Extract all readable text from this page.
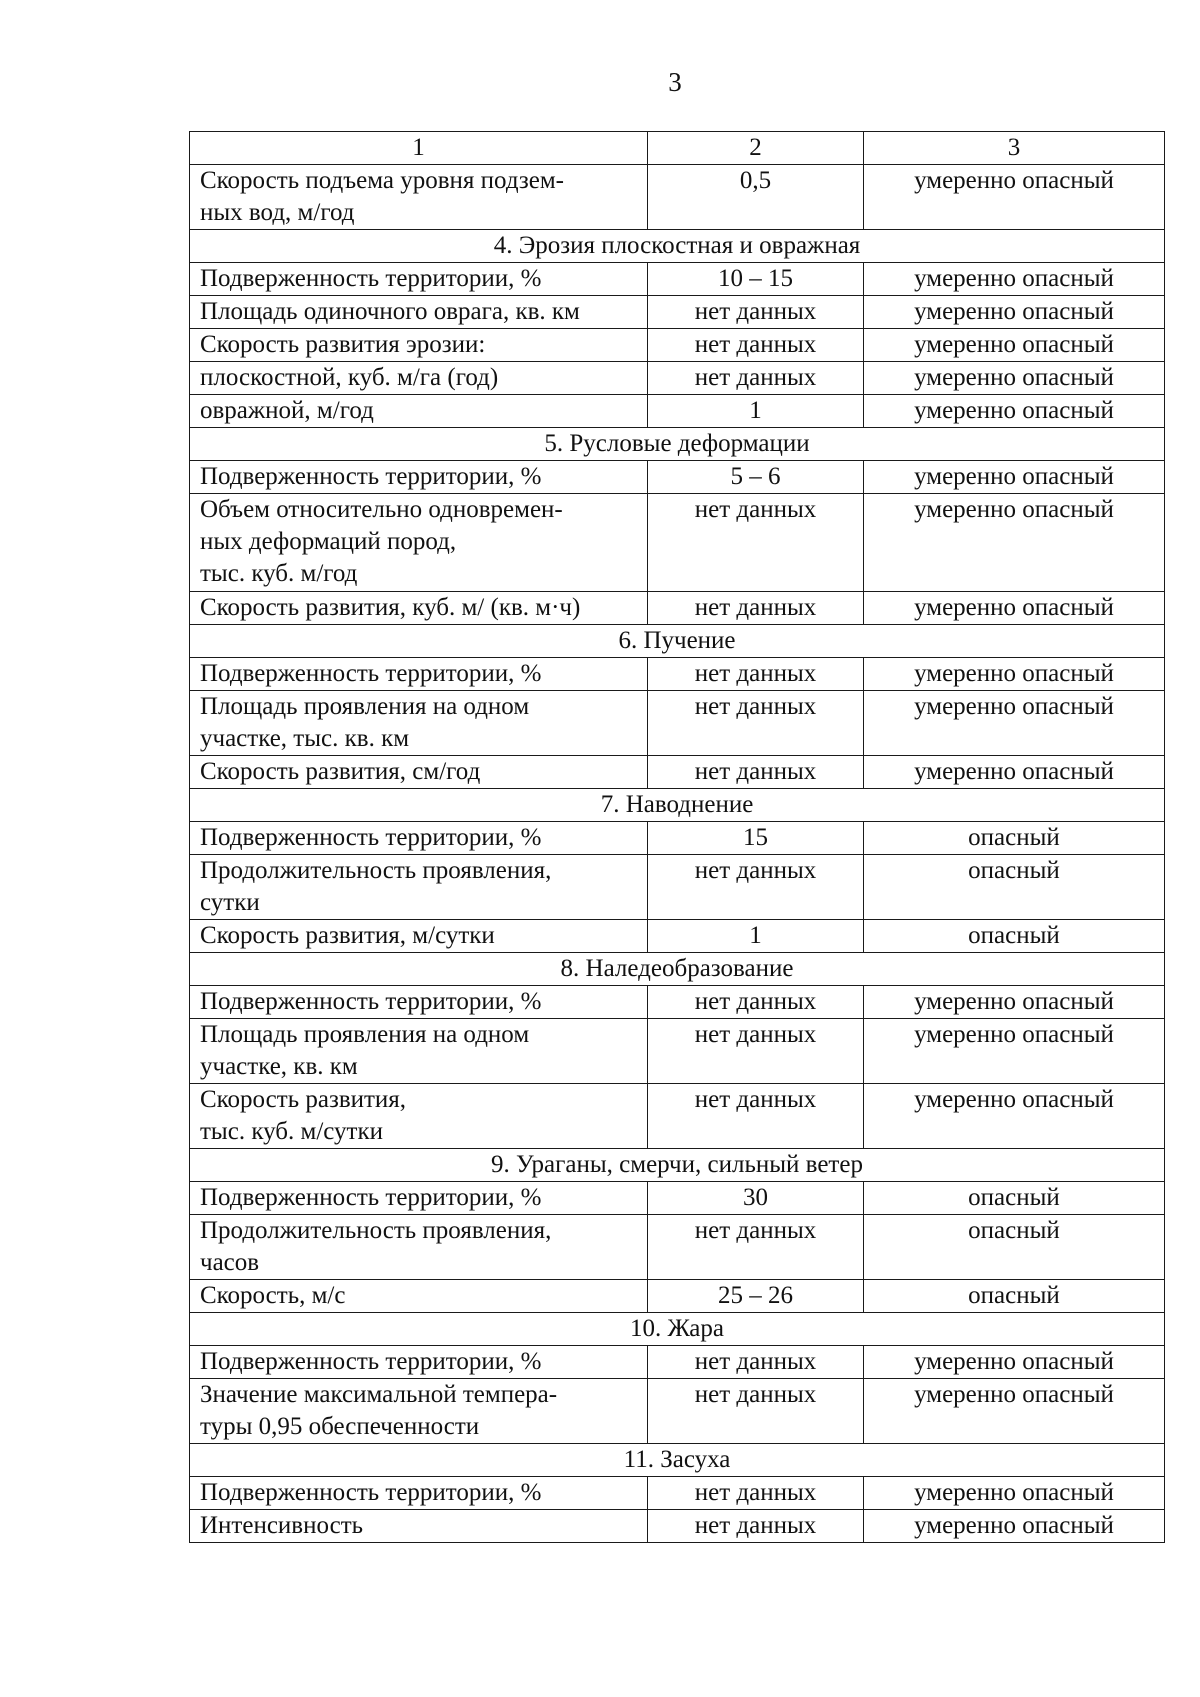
3
1	2	3
Скорость подъема уровня подзем-
ных вод, м/год	0,5	умеренно опасный
4. Эрозия плоскостная и овражная		
Подверженность территории, %	10 – 15	умеренно опасный
Площадь одиночного оврага, кв. км	нет данных	умеренно опасный
Скорость развития эрозии:	нет данных	умеренно опасный
плоскостной, куб. м/га (год)	нет данных	умеренно опасный
овражной, м/год	1	умеренно опасный
5. Русловые деформации		
Подверженность территории, %	5 – 6	умеренно опасный
Объем относительно одновремен-
ных деформаций пород,
тыс. куб. м/год	нет данных	умеренно опасный
Скорость развития, куб. м/ (кв. м·ч)	нет данных	умеренно опасный
6. Пучение		
Подверженность территории, %	нет данных	умеренно опасный
Площадь проявления на одном
участке, тыс. кв. км	нет данных	умеренно опасный
Скорость развития, см/год	нет данных	умеренно опасный
7. Наводнение		
Подверженность территории, %	15	опасный
Продолжительность проявления,
сутки	нет данных	опасный
Скорость развития, м/сутки	1	опасный
8. Наледеобразование		
Подверженность территории, %	нет данных	умеренно опасный
Площадь проявления на одном
участке, кв. км	нет данных	умеренно опасный
Скорость развития,
тыс. куб. м/сутки	нет данных	умеренно опасный
9. Ураганы, смерчи, сильный ветер		
Подверженность территории, %	30	опасный
Продолжительность проявления,
часов	нет данных	опасный
Скорость, м/с	25 – 26	опасный
10. Жара		
Подверженность территории, %	нет данных	умеренно опасный
Значение максимальной темпера-
туры 0,95 обеспеченности	нет данных	умеренно опасный
11. Засуха		
Подверженность территории, %	нет данных	умеренно опасный
Интенсивность	нет данных	умеренно опасный
